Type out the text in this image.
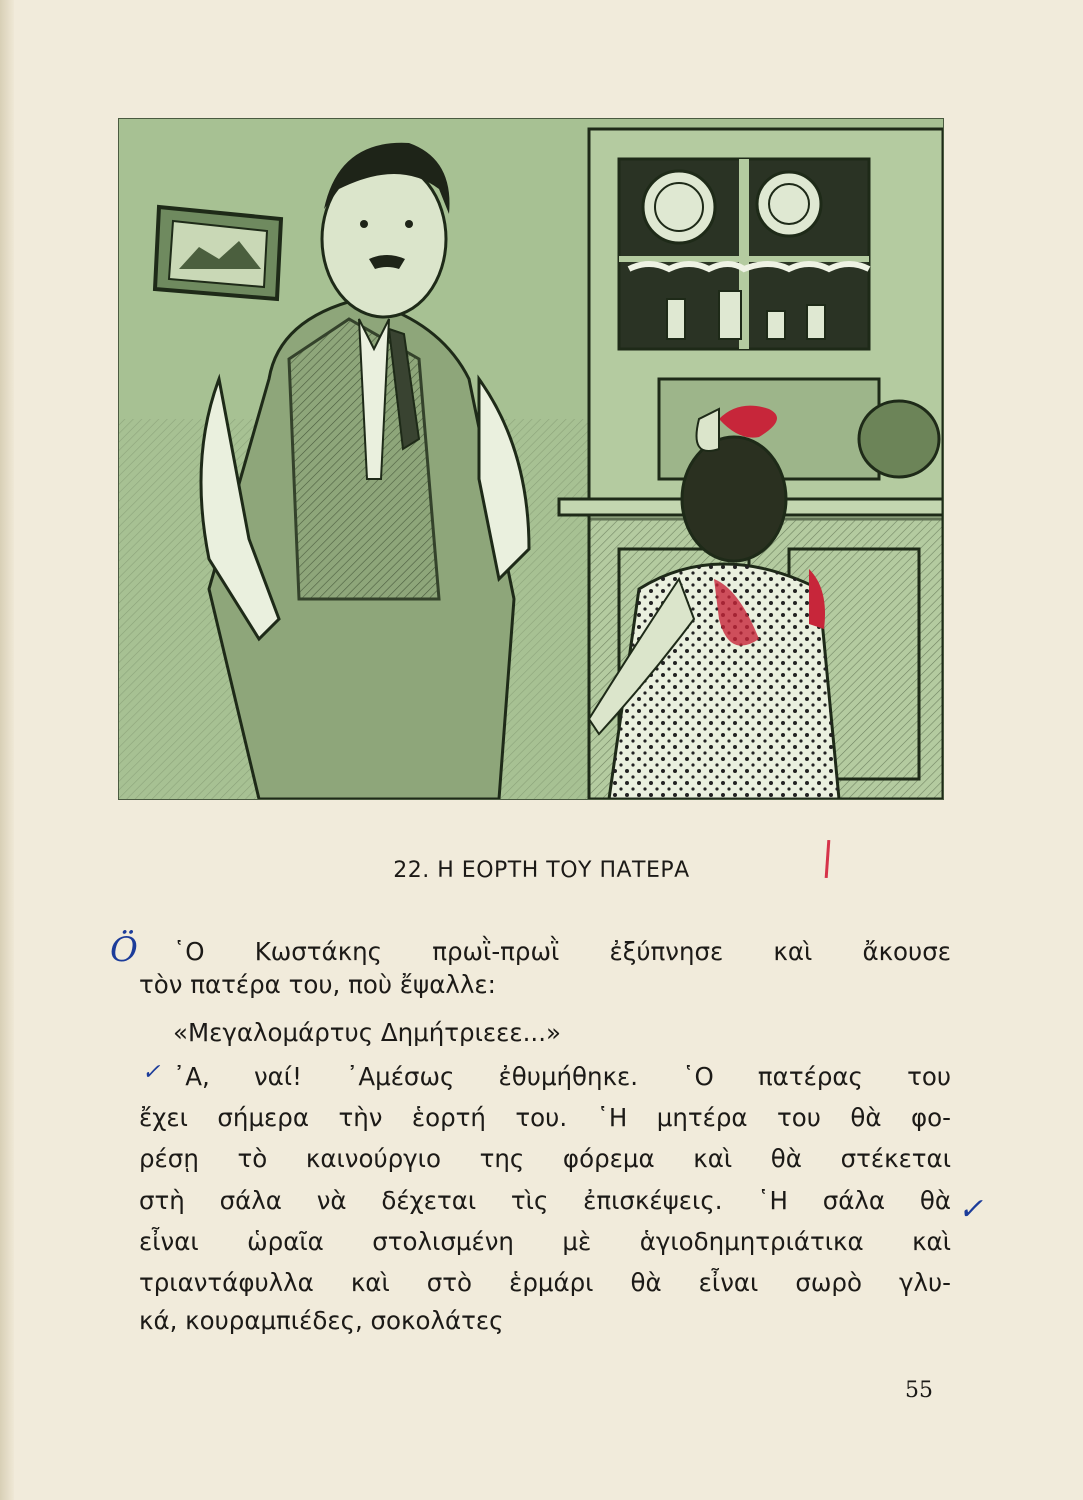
22. Η ΕΟΡΤΗ ΤΟΥ ΠΑΤΕΡΑ
Ö ῾Ο Κωστάκης πρωῒ-πρωῒ ἐξύπνησε καὶ ἄκουσε
τὸν πατέρα του, ποὺ ἔψαλλε:
«Μεγαλομάρτυς Δημήτριεεε...»
✓ ᾿Α, ναί! ᾿Αμέσως ἐθυμήθηκε. ῾Ο πατέρας του
ἔχει σήμερα τὴν ἑορτή του. ῾Η μητέρα του θὰ φο-
ρέσῃ τὸ καινούργιο της φόρεμα καὶ θὰ στέκεται
στὴ σάλα νὰ δέχεται τὶς ἐπισκέψεις. ῾Η σάλα θὰ ✓
εἶναι ὡραῖα στολισμένη μὲ ἁγιοδημητριάτικα καὶ
τριαντάφυλλα καὶ στὸ ἑρμάρι θὰ εἶναι σωρὸ γλυ-
κά, κουραμπιέδες, σοκολάτες
55
